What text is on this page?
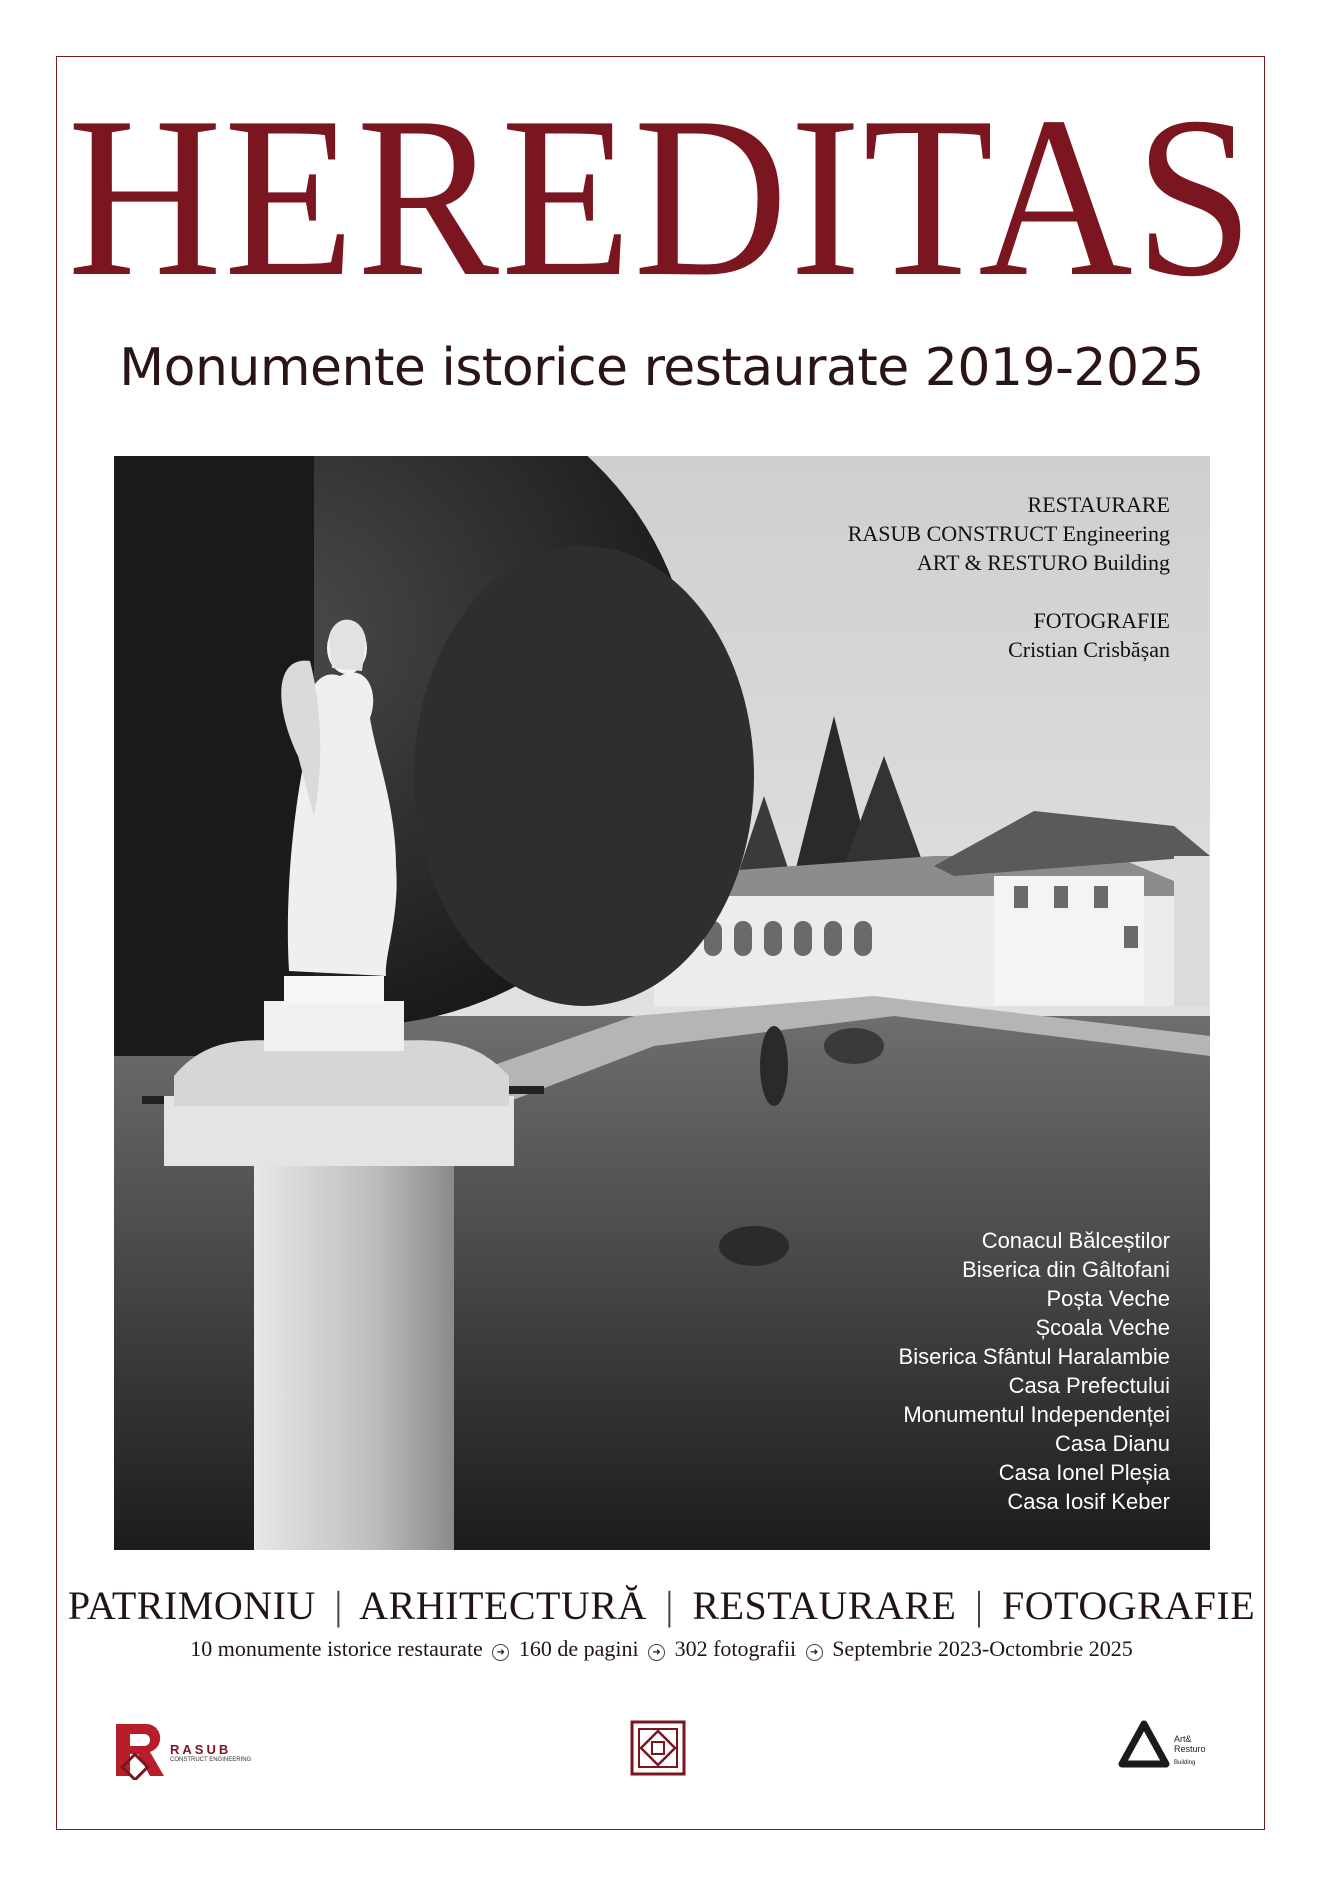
HEREDITAS
Monumente istorice restaurate 2019-2025
RESTAURARE
RASUB CONSTRUCT Engineering
ART & RESTURO Building
FOTOGRAFIE
Cristian Crisbășan
Conacul Bălceștilor
Biserica din Gâltofani
Poșta Veche
Școala Veche
Biserica Sfântul Haralambie
Casa Prefectului
Monumentul Independenței
Casa Dianu
Casa Ionel Pleșia
Casa Iosif Keber
PATRIMONIU | ARHITECTURĂ | RESTAURARE | FOTOGRAFIE
10 monumente istorice restaurate ➜ 160 de pagini ➜ 302 fotografii ➜ Septembrie 2023-Octombrie 2025
RASUB
CONSTRUCT ENGINEERING
Art&
Resturo
Building
